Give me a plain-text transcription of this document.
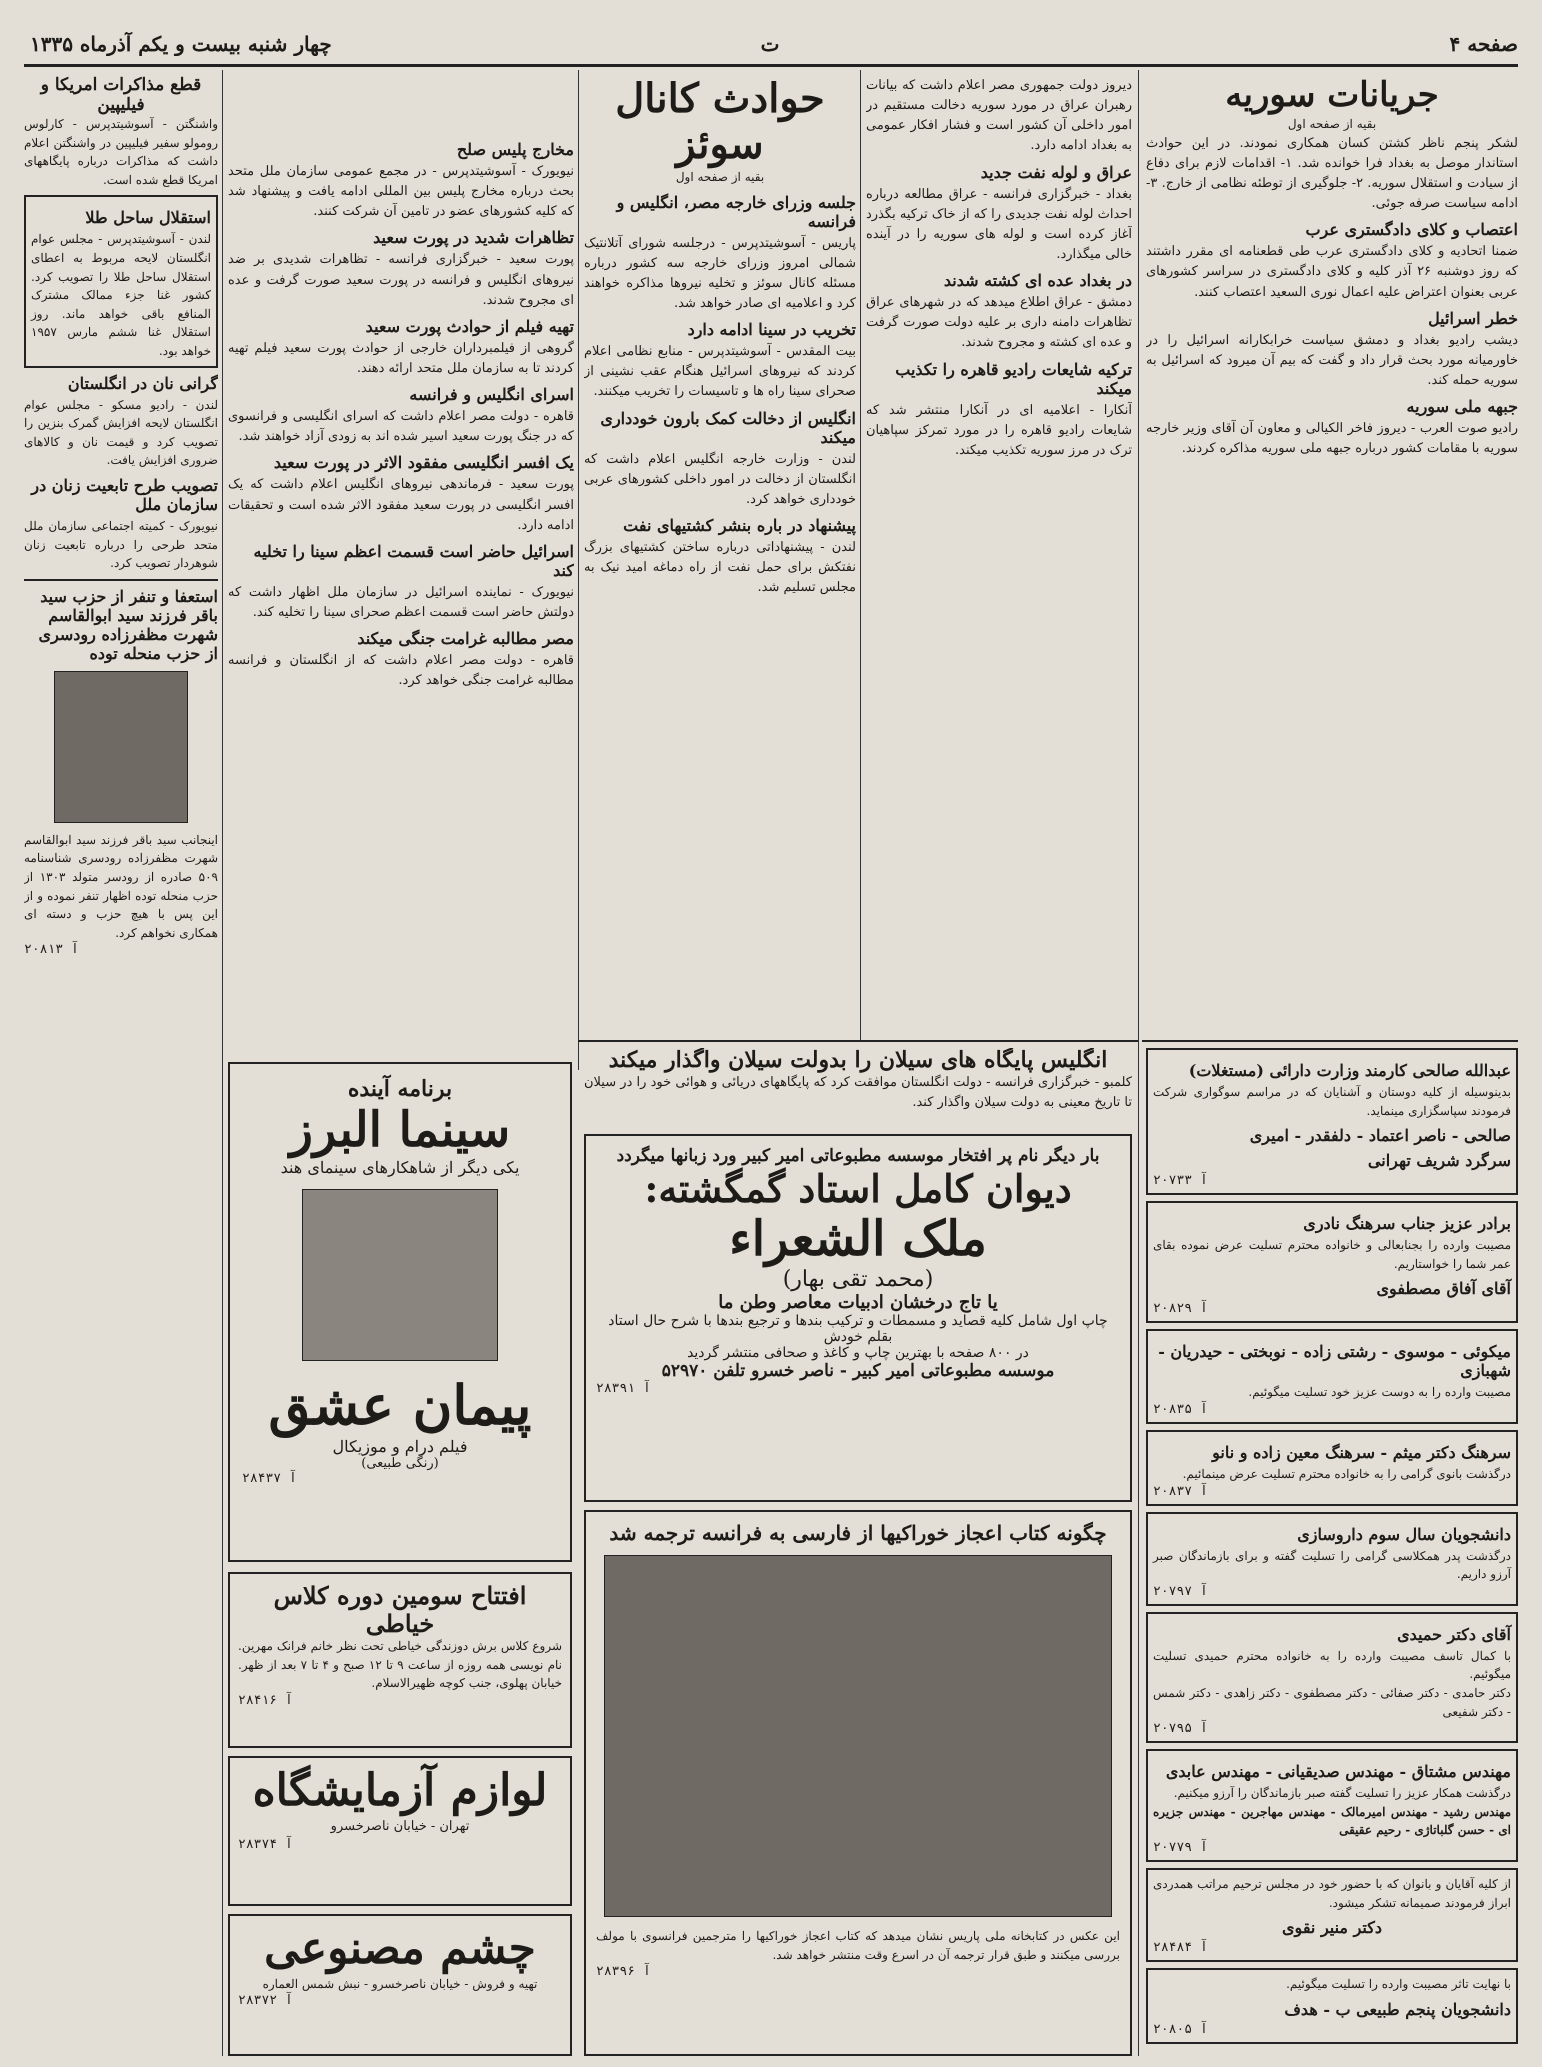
صفحه ۴
ت
چهار شنبه بیست و یکم آذرماه ۱۳۳۵
جریانات سوریه
بقیه از صفحه اول
لشکر پنجم ناظر کشتن کسان همکاری نمودند. در این حوادث استاندار موصل به بغداد فرا خوانده شد. ۱- اقدامات لازم برای دفاع از سیادت و استقلال سوریه. ۲- جلوگیری از توطئه نظامی از خارج. ۳- ادامه سیاست صرفه جوئی.
اعتصاب و کلای دادگستری عرب
ضمنا اتحادیه و کلای دادگستری عرب طی قطعنامه ای مقرر داشتند که روز دوشنبه ۲۶ آذر کلیه و کلای دادگستری در سراسر کشورهای عربی بعنوان اعتراض علیه اعمال نوری السعید اعتصاب کنند.
خطر اسرائیل
دیشب رادیو بغداد و دمشق سیاست خرابکارانه اسرائیل را در خاورمیانه مورد بحث قرار داد و گفت که بیم آن میرود که اسرائیل به سوریه حمله کند.
جبهه ملی سوریه
رادیو صوت العرب - دیروز فاخر الکیالی و معاون آن آقای وزیر خارجه سوریه با مقامات کشور درباره جبهه ملی سوریه مذاکره کردند.
دیروز دولت جمهوری مصر اعلام داشت که بیانات رهبران عراق در مورد سوریه دخالت مستقیم در امور داخلی آن کشور است و فشار افکار عمومی به بغداد ادامه دارد.
عراق و لوله نفت جدید
بغداد - خبرگزاری فرانسه - عراق مطالعه درباره احداث لوله نفت جدیدی را که از خاک ترکیه بگذرد آغاز کرده است و لوله های سوریه را در آینده خالی میگذارد.
در بغداد عده ای کشته شدند
دمشق - عراق اطلاع میدهد که در شهرهای عراق تظاهرات دامنه داری بر علیه دولت صورت گرفت و عده ای کشته و مجروح شدند.
ترکیه شایعات رادیو قاهره را تکذیب میکند
آنکارا - اعلامیه ای در آنکارا منتشر شد که شایعات رادیو قاهره را در مورد تمرکز سپاهیان ترک در مرز سوریه تکذیب میکند.
حوادث کانال سوئز
بقیه از صفحه اول
جلسه وزرای خارجه مصر، انگلیس و فرانسه
پاریس - آسوشیتدپرس - درجلسه شورای آتلانتیک شمالی امروز وزرای خارجه سه کشور درباره مسئله کانال سوئز و تخلیه نیروها مذاکره خواهند کرد و اعلامیه ای صادر خواهد شد.
تخریب در سینا ادامه دارد
بیت المقدس - آسوشیتدپرس - منابع نظامی اعلام کردند که نیروهای اسرائیل هنگام عقب نشینی از صحرای سینا راه ها و تاسیسات را تخریب میکنند.
انگلیس از دخالت کمک بارون خودداری میکند
لندن - وزارت خارجه انگلیس اعلام داشت که انگلستان از دخالت در امور داخلی کشورهای عربی خودداری خواهد کرد.
پیشنهاد در باره بنشر کشتیهای نفت
لندن - پیشنهاداتی درباره ساختن کشتیهای بزرگ نفتکش برای حمل نفت از راه دماغه امید نیک به مجلس تسلیم شد.
مخارج پلیس صلح
نیویورک - آسوشیتدپرس - در مجمع عمومی سازمان ملل متحد بحث درباره مخارج پلیس بین المللی ادامه یافت و پیشنهاد شد که کلیه کشورهای عضو در تامین آن شرکت کنند.
تظاهرات شدید در پورت سعید
پورت سعید - خبرگزاری فرانسه - تظاهرات شدیدی بر ضد نیروهای انگلیس و فرانسه در پورت سعید صورت گرفت و عده ای مجروح شدند.
تهیه فیلم از حوادث پورت سعید
گروهی از فیلمبرداران خارجی از حوادث پورت سعید فیلم تهیه کردند تا به سازمان ملل متحد ارائه دهند.
اسرای انگلیس و فرانسه
قاهره - دولت مصر اعلام داشت که اسرای انگلیسی و فرانسوی که در جنگ پورت سعید اسیر شده اند به زودی آزاد خواهند شد.
یک افسر انگلیسی مفقود الاثر در پورت سعید
پورت سعید - فرماندهی نیروهای انگلیس اعلام داشت که یک افسر انگلیسی در پورت سعید مفقود الاثر شده است و تحقیقات ادامه دارد.
اسرائیل حاضر است قسمت اعظم سینا را تخلیه کند
نیویورک - نماینده اسرائیل در سازمان ملل اظهار داشت که دولتش حاضر است قسمت اعظم صحرای سینا را تخلیه کند.
مصر مطالبه غرامت جنگی میکند
قاهره - دولت مصر اعلام داشت که از انگلستان و فرانسه مطالبه غرامت جنگی خواهد کرد.
قطع مذاکرات امریکا و فیلیپین
واشنگتن - آسوشیتدپرس - کارلوس رومولو سفیر فیلیپین در واشنگتن اعلام داشت که مذاکرات درباره پایگاههای امریکا قطع شده است.
استقلال ساحل طلا
لندن - آسوشیتدپرس - مجلس عوام انگلستان لایحه مربوط به اعطای استقلال ساحل طلا را تصویب کرد. کشور غنا جزء ممالک مشترک المنافع باقی خواهد ماند. روز استقلال غنا ششم مارس ۱۹۵۷ خواهد بود.
گرانی نان در انگلستان
لندن - رادیو مسکو - مجلس عوام انگلستان لایحه افزایش گمرک بنزین را تصویب کرد و قیمت نان و کالاهای ضروری افزایش یافت.
تصویب طرح تابعیت زنان در سازمان ملل
نیویورک - کمیته اجتماعی سازمان ملل متحد طرحی را درباره تابعیت زنان شوهردار تصویب کرد.
استعفا و تنفر از حزب سید باقر فرزند سید ابوالقاسم شهرت مظفرزاده رودسری از حزب منحله توده
اینجانب سید باقر فرزند سید ابوالقاسم شهرت مظفرزاده رودسری شناسنامه ۵۰۹ صادره از رودسر متولد ۱۳۰۳ از حزب منحله توده اظهار تنفر نموده و از این پس با هیچ حزب و دسته ای همکاری نخواهم کرد.
۲۰۸۱۳ آ
برنامه آینده
سینما البرز
یکی دیگر از شاهکارهای سینمای هند
پیمان عشق
فیلم درام و موزیکال
(رنگی طبیعی)
۲۸۴۳۷ آ
افتتاح سومین دوره کلاس خیاطی
شروع کلاس برش دوزندگی خیاطی تحت نظر خانم فرانک مهرین. نام نویسی همه روزه از ساعت ۹ تا ۱۲ صبح و ۴ تا ۷ بعد از ظهر. خیابان پهلوی، جنب کوچه ظهیرالاسلام.
۲۸۴۱۶ آ
لوازم آزمایشگاه
تهران - خیابان ناصرخسرو
۲۸۳۷۴ آ
چشم مصنوعی
تهیه و فروش - خیابان ناصرخسرو - نبش شمس العماره
۲۸۳۷۲ آ
انگلیس پایگاه های سیلان را بدولت سیلان واگذار میکند
کلمبو - خبرگزاری فرانسه - دولت انگلستان موافقت کرد که پایگاههای دریائی و هوائی خود را در سیلان تا تاریخ معینی به دولت سیلان واگذار کند.
بار دیگر نام پر افتخار موسسه مطبوعاتی امیر کبیر ورد زبانها میگردد
دیوان کامل استاد گمگشته:
ملک الشعراء
(محمد تقی بهار)
یا تاج درخشان ادبیات معاصر وطن ما
چاپ اول شامل کلیه قصاید و مسمطات و ترکیب بندها و ترجیع بندها با شرح حال استاد بقلم خودش
در ۸۰۰ صفحه با بهترین چاپ و کاغذ و صحافی منتشر گردید
موسسه مطبوعاتی امیر کبیر - ناصر خسرو تلفن ۵۲۹۷۰
۲۸۳۹۱ آ
چگونه کتاب اعجاز خوراکیها از فارسی به فرانسه ترجمه شد
این عکس در کتابخانه ملی پاریس نشان میدهد که کتاب اعجاز خوراکیها را مترجمین فرانسوی با مولف بررسی میکنند و طبق قرار ترجمه آن در اسرع وقت منتشر خواهد شد.
۲۸۳۹۶ آ
عبدالله صالحی کارمند وزارت دارائی (مستغلات)
بدینوسیله از کلیه دوستان و آشنایان که در مراسم سوگواری شرکت فرمودند سپاسگزاری مینماید.
صالحی - ناصر اعتماد - دلفقدر - امیری
سرگرد شریف تهرانی
۲۰۷۳۳ آ
برادر عزیز جناب سرهنگ نادری
مصیبت وارده را بجنابعالی و خانواده محترم تسلیت عرض نموده بقای عمر شما را خواستاریم.
آقای آفاق مصطفوی
۲۰۸۲۹ آ
میکوئی - موسوی - رشتی زاده - نوبختی - حیدریان - شهبازی
مصیبت وارده را به دوست عزیز خود تسلیت میگوئیم.
۲۰۸۳۵ آ
سرهنگ دکتر میثم - سرهنگ معین زاده و نانو
درگذشت بانوی گرامی را به خانواده محترم تسلیت عرض مینمائیم.
۲۰۸۳۷ آ
دانشجویان سال سوم داروسازی
درگذشت پدر همکلاسی گرامی را تسلیت گفته و برای بازماندگان صبر آرزو داریم.
۲۰۷۹۷ آ
آقای دکتر حمیدی
با کمال تاسف مصیبت وارده را به خانواده محترم حمیدی تسلیت میگوئیم.
دکتر حامدی - دکتر صفائی - دکتر مصطفوی - دکتر زاهدی - دکتر شمس - دکتر شفیعی
۲۰۷۹۵ آ
مهندس مشتاق - مهندس صدیقیانی - مهندس عابدی
درگذشت همکار عزیز را تسلیت گفته صبر بازماندگان را آرزو میکنیم.
مهندس رشید - مهندس امیرمالک - مهندس مهاجرین - مهندس جزیره ای - حسن گلباتاژی - رحیم عقیقی
۲۰۷۷۹ آ
از کلیه آقایان و بانوان که با حضور خود در مجلس ترحیم مراتب همدردی ابراز فرمودند صمیمانه تشکر میشود.
دکتر منیر نقوی
۲۸۴۸۴ آ
با نهایت تاثر مصیبت وارده را تسلیت میگوئیم.
دانشجویان پنجم طبیعی ب - هدف
۲۰۸۰۵ آ
